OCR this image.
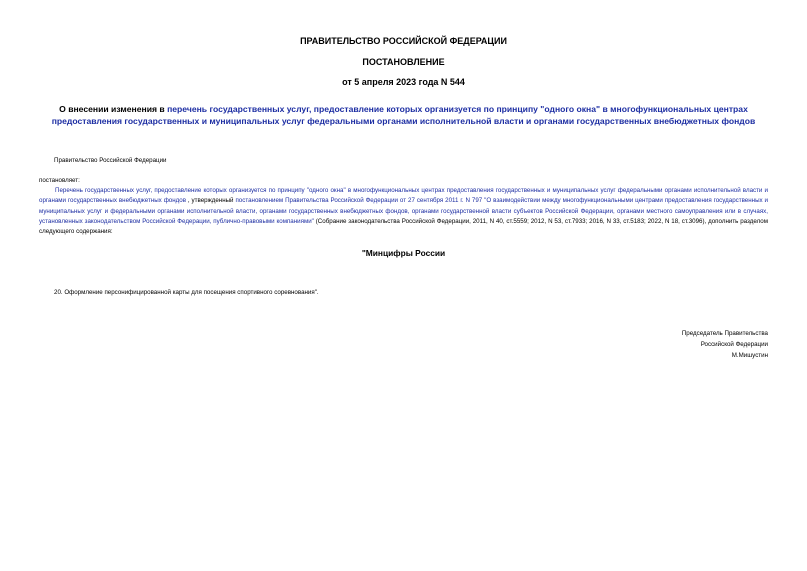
ПРАВИТЕЛЬСТВО РОССИЙСКОЙ ФЕДЕРАЦИИ
ПОСТАНОВЛЕНИЕ
от 5 апреля 2023 года N 544
О внесении изменения в перечень государственных услуг, предоставление которых организуется по принципу "одного окна" в многофункциональных центрах предоставления государственных и муниципальных услуг федеральными органами исполнительной власти и органами государственных внебюджетных фондов
Правительство Российской Федерации
постановляет:
Перечень государственных услуг, предоставление которых организуется по принципу "одного окна" в многофункциональных центрах предоставления государственных и муниципальных услуг федеральными органами исполнительной власти и органами государственных внебюджетных фондов , утвержденный постановлением Правительства Российской Федерации от 27 сентября 2011 г. N 797 "О взаимодействии между многофункциональными центрами предоставления государственных и муниципальных услуг и федеральными органами исполнительной власти, органами государственных внебюджетных фондов, органами государственной власти субъектов Российской Федерации, органами местного самоуправления или в случаях, установленных законодательством Российской Федерации, публично-правовыми компаниями" (Собрание законодательства Российской Федерации, 2011, N 40, ст.5559; 2012, N 53, ст.7933; 2016, N 33, ст.5183; 2022, N 18, ст.3096), дополнить разделом следующего содержания:
"Минцифры России
20. Оформление персонифицированной карты для посещения спортивного соревнования".
Председатель Правительства
Российской Федерации
М.Мишустин
